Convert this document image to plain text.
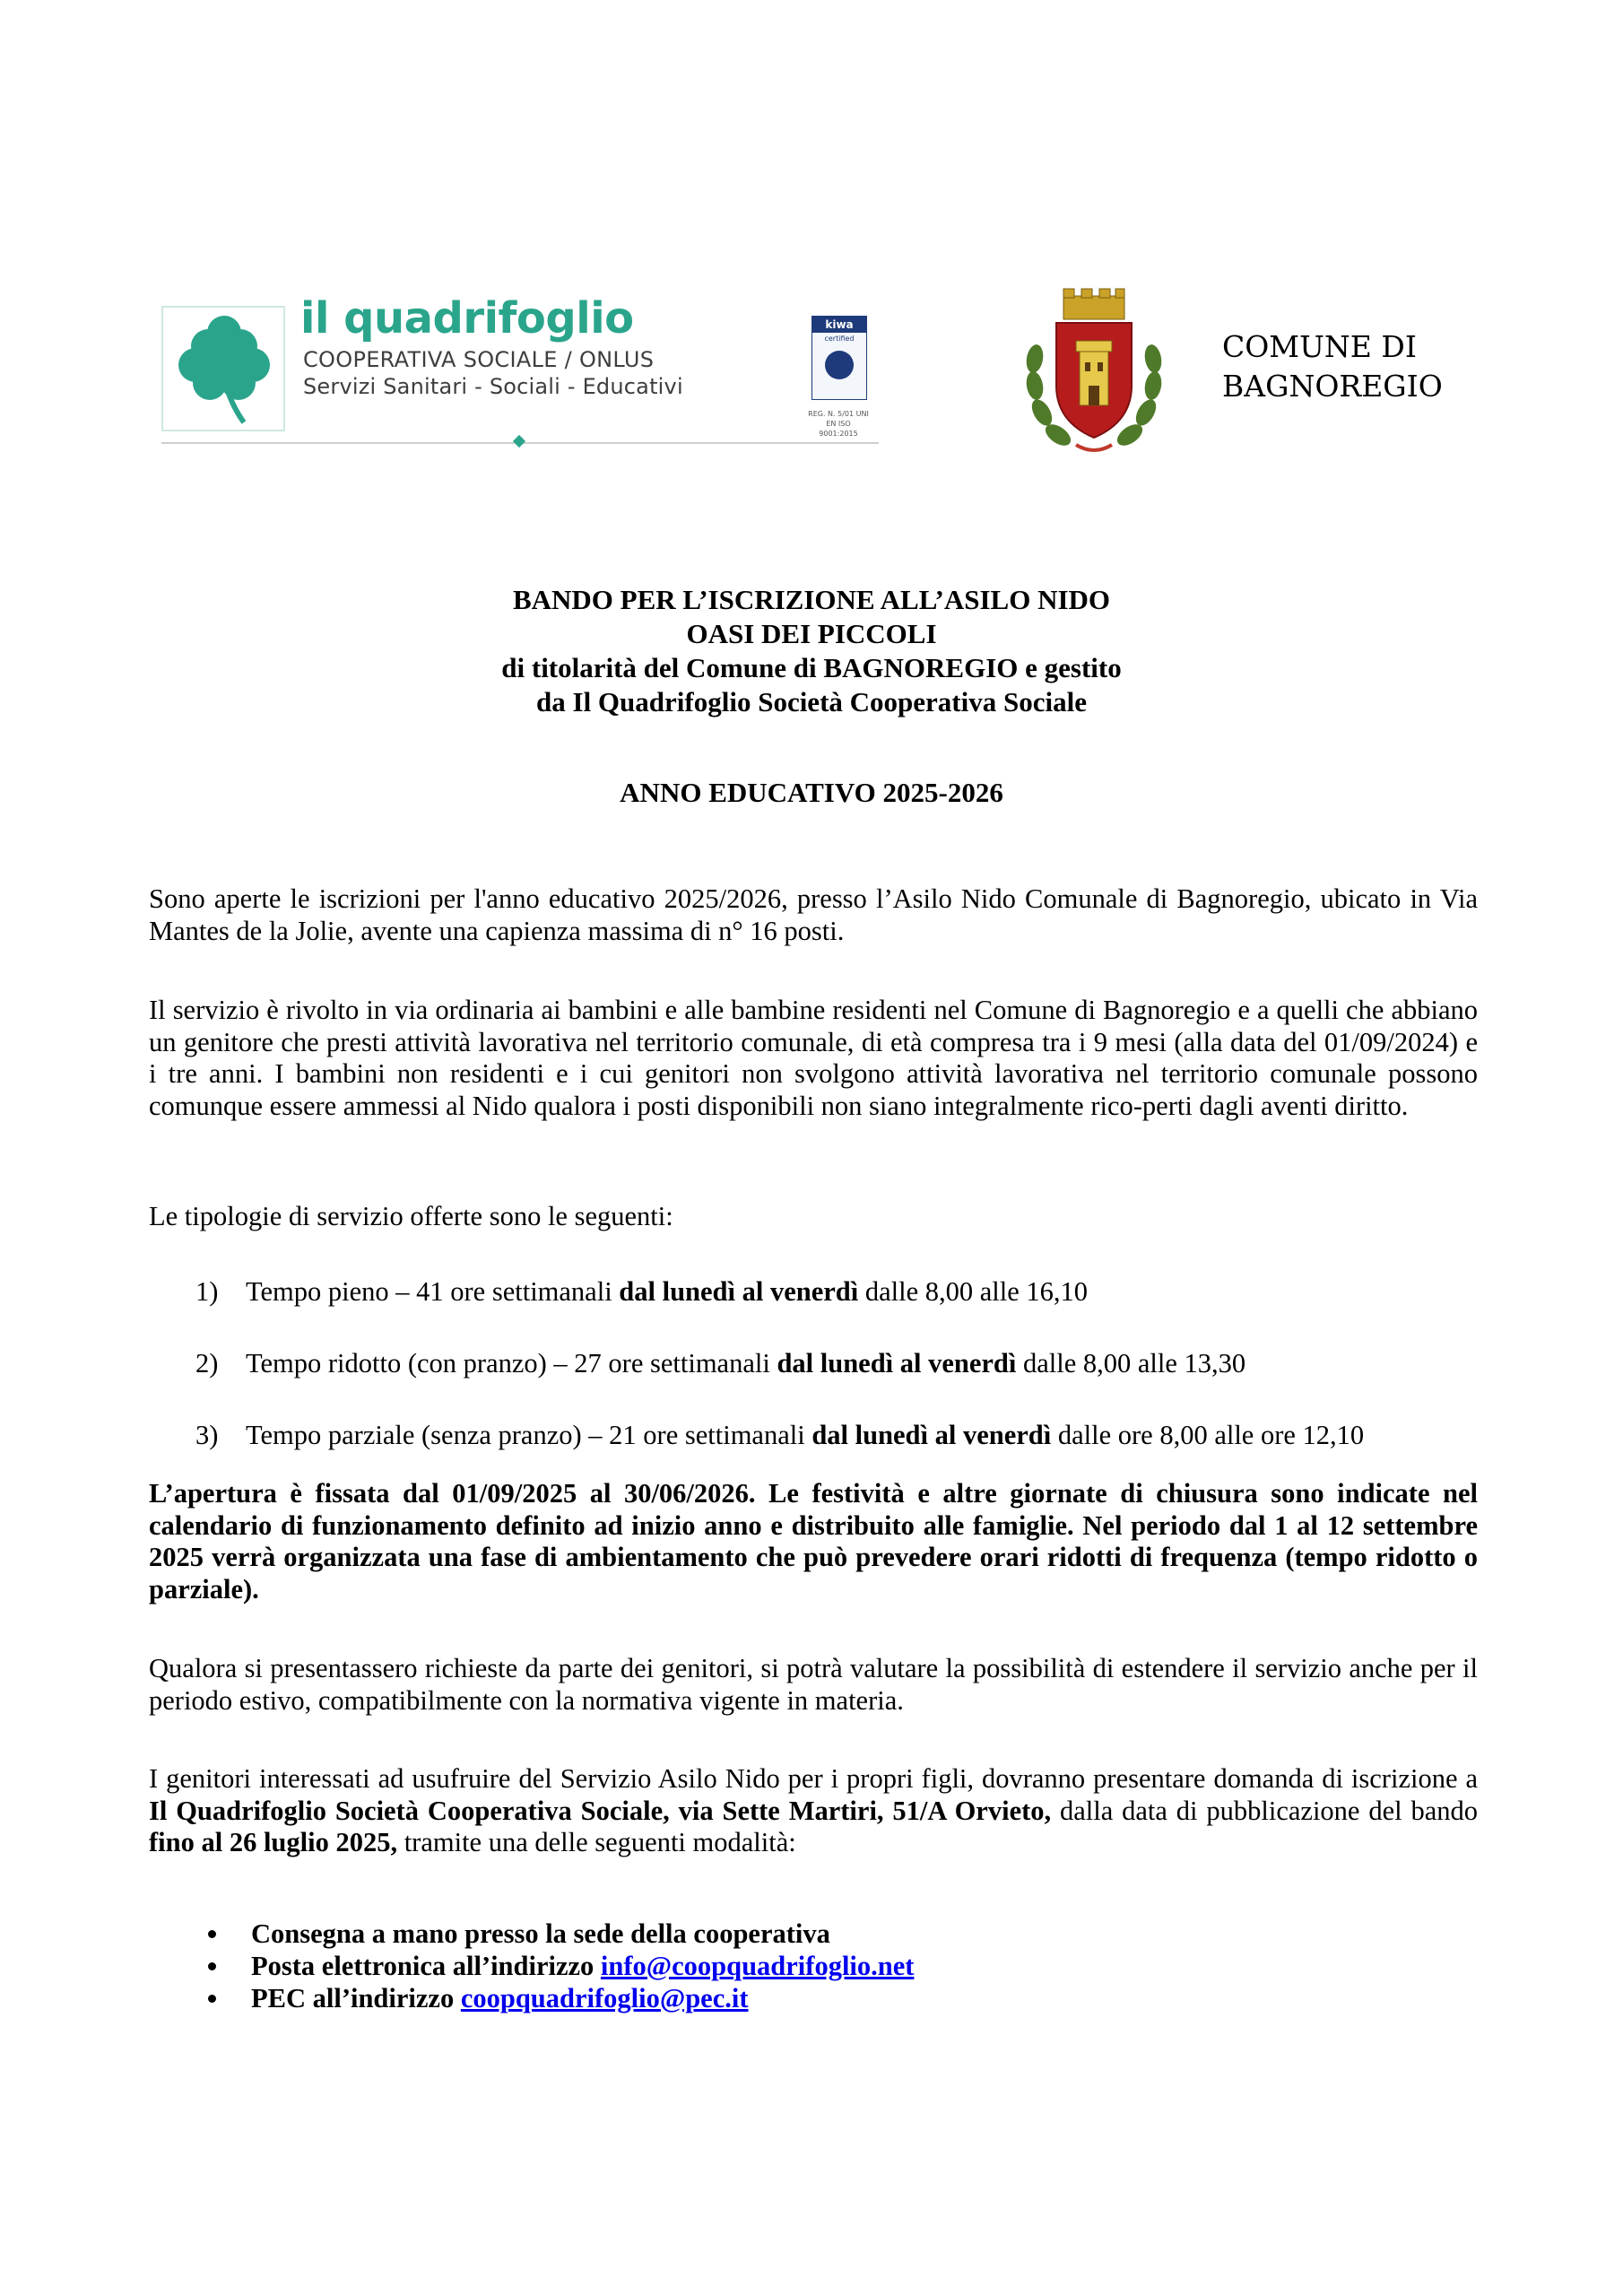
il quadrifoglio
COOPERATIVA SOCIALE / ONLUS
Servizi Sanitari - Sociali - Educativi
kiwa
certified
REG. N. 5/01 UNI EN ISO 9001:2015
COMUNE DI
BAGNOREGIO
BANDO PER L’ISCRIZIONE ALL’ASILO NIDO
OASI DEI PICCOLI
di titolarità del Comune di BAGNOREGIO e gestito
da Il Quadrifoglio Società Cooperativa Sociale
ANNO EDUCATIVO 2025-2026
Sono aperte le iscrizioni per l'anno educativo 2025/2026, presso l’Asilo Nido Comunale di Bagnoregio, ubicato in Via Mantes de la Jolie, avente una capienza massima di n° 16 posti.
Il servizio è rivolto in via ordinaria ai bambini e alle bambine residenti nel Comune di Bagnoregio e a quelli che abbiano un genitore che presti attività lavorativa nel territorio comunale, di età compresa tra i 9 mesi (alla data del 01/09/2024) e i tre anni. I bambini non residenti e i cui genitori non svolgono attività lavorativa nel territorio comunale possono comunque essere ammessi al Nido qualora i posti disponibili non siano integralmente rico-perti dagli aventi diritto.
Le tipologie di servizio offerte sono le seguenti:
1) Tempo pieno – 41 ore settimanali dal lunedì al venerdì dalle 8,00 alle 16,10
2) Tempo ridotto (con pranzo) – 27 ore settimanali dal lunedì al venerdì dalle 8,00 alle 13,30
3) Tempo parziale (senza pranzo) – 21 ore settimanali dal lunedì al venerdì dalle ore 8,00 alle ore 12,10
L’apertura è fissata dal 01/09/2025 al 30/06/2026. Le festività e altre giornate di chiusura sono indicate nel calendario di funzionamento definito ad inizio anno e distribuito alle famiglie. Nel periodo dal 1 al 12 settembre 2025 verrà organizzata una fase di ambientamento che può prevedere orari ridotti di frequenza (tempo ridotto o parziale).
Qualora si presentassero richieste da parte dei genitori, si potrà valutare la possibilità di estendere il servizio anche per il periodo estivo, compatibilmente con la normativa vigente in materia.
I genitori interessati ad usufruire del Servizio Asilo Nido per i propri figli, dovranno presentare domanda di iscrizione a Il Quadrifoglio Società Cooperativa Sociale, via Sette Martiri, 51/A Orvieto, dalla data di pubblicazione del bando fino al 26 luglio 2025, tramite una delle seguenti modalità:
Consegna a mano presso la sede della cooperativa
Posta elettronica all’indirizzo info@coopquadrifoglio.net
PEC all’indirizzo coopquadrifoglio@pec.it
